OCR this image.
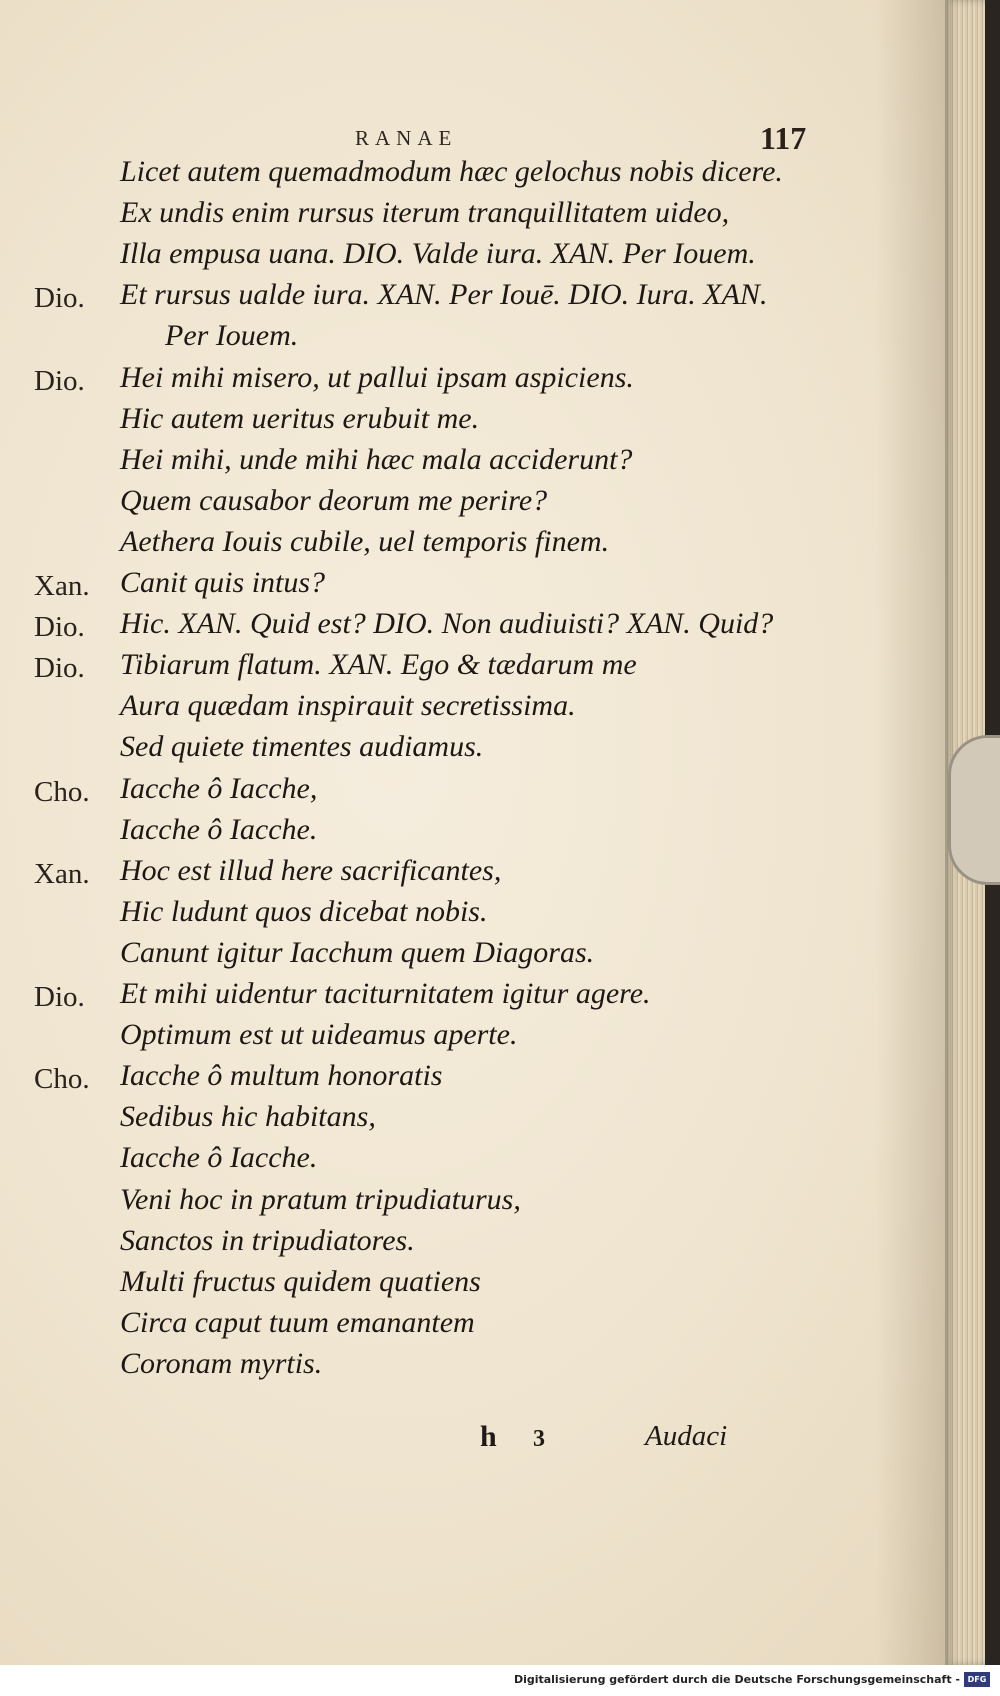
RANAE	117
Licet autem quemadmodum hæc gelochus nobis dicere.
Ex undis enim rursus iterum tranquillitatem uideo,
Illa empusa uana. DIO. Valde iura. XAN. Per Iouem.
Dio. Et rursus ualde iura. XAN. Per Iouē. DIO. Iura. XAN.
Per Iouem.
Dio. Hei mihi misero, ut pallui ipsam aspiciens.
Hic autem ueritus erubuit me.
Hei mihi, unde mihi hæc mala acciderunt?
Quem causabor deorum me perire?
Aethera Iouis cubile, uel temporis finem.
Xan. Canit quis intus?
Dio. Hic. XAN. Quid est? DIO. Non audiuisti? XAN. Quid?
Dio. Tibiarum flatum. XAN. Ego & tædarum me
Aura quædam inspirauit secretissima.
Sed quiete timentes audiamus.
Cho. Iacche ô Iacche,
Iacche ô Iacche.
Xan. Hoc est illud here sacrificantes,
Hic ludunt quos dicebat nobis.
Canunt igitur Iacchum quem Diagoras.
Dio. Et mihi uidentur taciturnitatem igitur agere.
Optimum est ut uideamus aperte.
Cho. Iacche ô multum honoratis
Sedibus hic habitans,
Iacche ô Iacche.
Veni hoc in pratum tripudiaturus,
Sanctos in tripudiatores.
Multi fructus quidem quatiens
Circa caput tuum emanantem
Coronam myrtis.
h 3	Audaci
Digitalisierung gefördert durch die Deutsche Forschungsgemeinschaft - DFG
